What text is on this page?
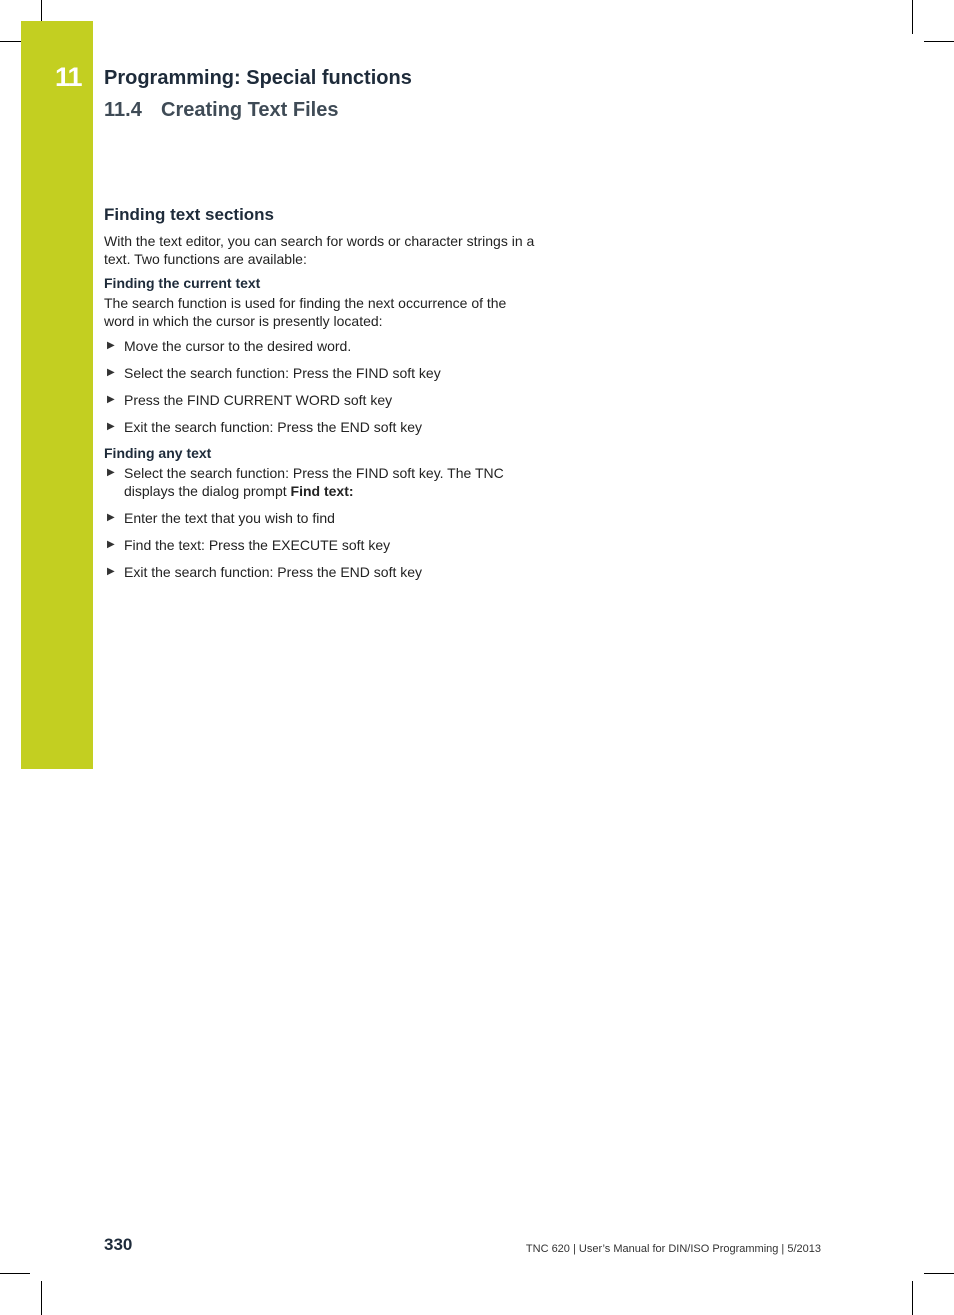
11 Programming: Special functions
11.4 Creating Text Files
Finding text sections

With the text editor, you can search for words or character strings in a text. Two functions are available:

Finding the current text

The search function is used for finding the next occurrence of the word in which the cursor is presently located:

▶ Move the cursor to the desired word.
▶ Select the search function: Press the FIND soft key
▶ Press the FIND CURRENT WORD soft key
▶ Exit the search function: Press the END soft key
Finding any text
▶ Select the search function: Press the FIND soft key. The TNC displays the dialog prompt Find text:
▶ Enter the text that you wish to find
▶ Find the text: Press the EXECUTE soft key
▶ Exit the search function: Press the END soft key
330	TNC 620 | User’s Manual for DIN/ISO Programming | 5/2013
